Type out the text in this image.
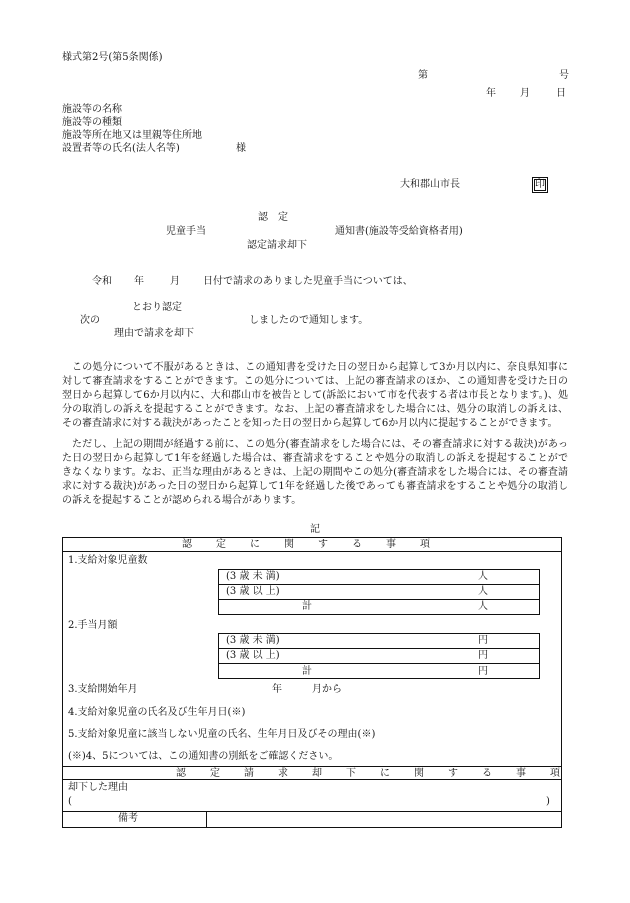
様式第2号(第5条関係)
第	号
年 月	日
施設等の名称
施設等の種類
施設等所在地又は里親等住所地
設置者等の氏名(法人名等)	様
大和郡山市長	印
認　定
児童手当	通知書(施設等受給資格者用)
認定請求却下
令和 年	月 日付で請求のありました児童手当については、
とおり認定
次の	しましたので通知します。
理由で請求を却下
この処分について不服があるときは、この通知書を受けた日の翌日から起算して3か月以内に、奈良県知事に対して審査請求をすることができます。この処分については、上記の審査請求のほか、この通知書を受けた日の翌日から起算して6か月以内に、大和郡山市を被告として(訴訟において市を代表する者は市長となります。)、処分の取消しの訴えを提起することができます。なお、上記の審査請求をした場合には、処分の取消しの訴えは、その審査請求に対する裁決があったことを知った日の翌日から起算して6か月以内に提起することができます。
ただし、上記の期間が経過する前に、この処分(審査請求をした場合には、その審査請求に対する裁決)があった日の翌日から起算して1年を経過した場合は、審査請求をすることや処分の取消しの訴えを提起することができなくなります。なお、正当な理由があるときは、上記の期間やこの処分(審査請求をした場合には、その審査請求に対する裁決)があった日の翌日から起算して1年を経過した後であっても審査請求をすることや処分の取消しの訴えを提起することが認められる場合があります。
記
認　定　に　関　す　る　事　項
1.支給対象児童数
(3 歳 未 満)	人
(3 歳 以 上)	人
計	人
2.手当月額
(3 歳 未 満)	円
(3 歳 以 上)	円
計	円
3.支給開始年月	年	月から
4.支給対象児童の氏名及び生年月日(※)
5.支給対象児童に該当しない児童の氏名、生年月日及びその理由(※)
(※)4、5については、この通知書の別紙をご確認ください。
認　定　請　求　却　下　に　関　す　る　事　項
却下した理由
(	)
備考
